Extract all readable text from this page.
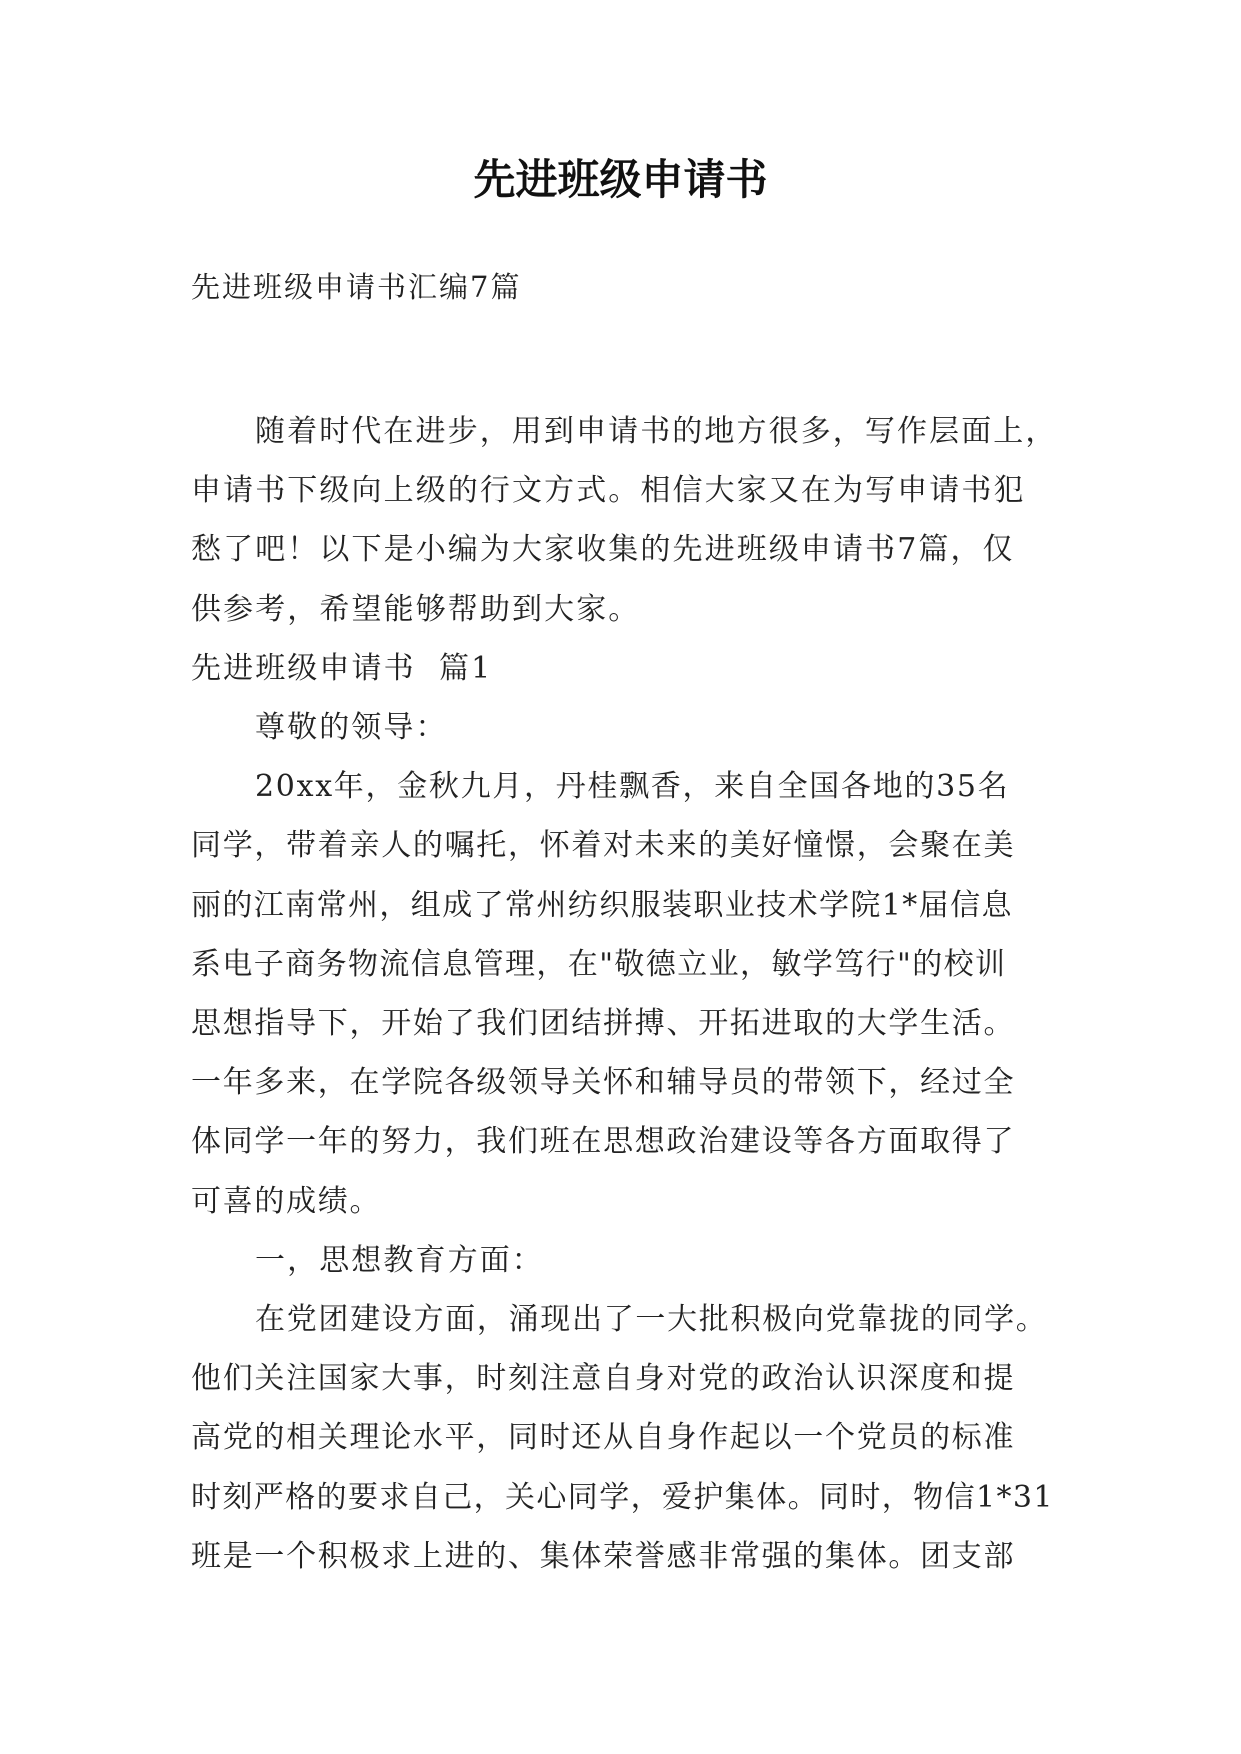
先进班级申请书
先进班级申请书汇编7篇

随着时代在进步，用到申请书的地方很多，写作层面上，
申请书下级向上级的行文方式。相信大家又在为写申请书犯
愁了吧！以下是小编为大家收集的先进班级申请书7篇，仅
供参考，希望能够帮助到大家。

先进班级申请书  篇1

尊敬的领导：

20xx年，金秋九月，丹桂飘香，来自全国各地的35名
同学，带着亲人的嘱托，怀着对未来的美好憧憬，会聚在美
丽的江南常州，组成了常州纺织服装职业技术学院1*届信息
系电子商务物流信息管理，在"敬德立业，敏学笃行"的校训
思想指导下，开始了我们团结拼搏、开拓进取的大学生活。
一年多来，在学院各级领导关怀和辅导员的带领下，经过全
体同学一年的努力，我们班在思想政治建设等各方面取得了
可喜的成绩。

一，思想教育方面：

在党团建设方面，涌现出了一大批积极向党靠拢的同学。
他们关注国家大事，时刻注意自身对党的政治认识深度和提
高党的相关理论水平，同时还从自身作起以一个党员的标准
时刻严格的要求自己，关心同学，爱护集体。同时，物信1*31
班是一个积极求上进的、集体荣誉感非常强的集体。团支部
